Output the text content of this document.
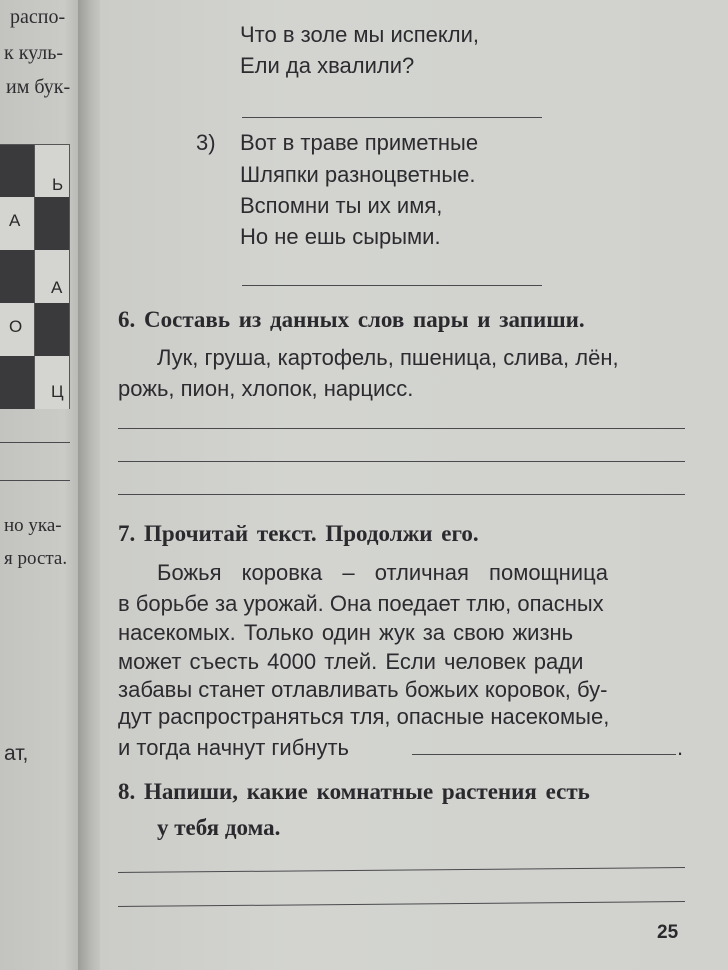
распо-
к куль-
им бук-
Ь
А
А
О
Ц
но ука-
я роста.
ат,
Что в золе мы испекли,
Ели да хвалили?
3) Вот в траве приметные
Шляпки разноцветные.
Вспомни ты их имя,
Но не ешь сырыми.
6. Составь из данных слов пары и запиши.
Лук, груша, картофель, пшеница, слива, лён,
рожь, пион, хлопок, нарцисс.
7. Прочитай текст. Продолжи его.
Божья коровка – отличная помощница
в борьбе за урожай. Она поедает тлю, опасных
насекомых. Только один жук за свою жизнь
может съесть 4000 тлей. Если человек ради
забавы станет отлавливать божьих коровок, бу-
дут распространяться тля, опасные насекомые,
и тогда начнут гибнуть	.
8. Напиши, какие комнатные растения есть
у тебя дома.
25
